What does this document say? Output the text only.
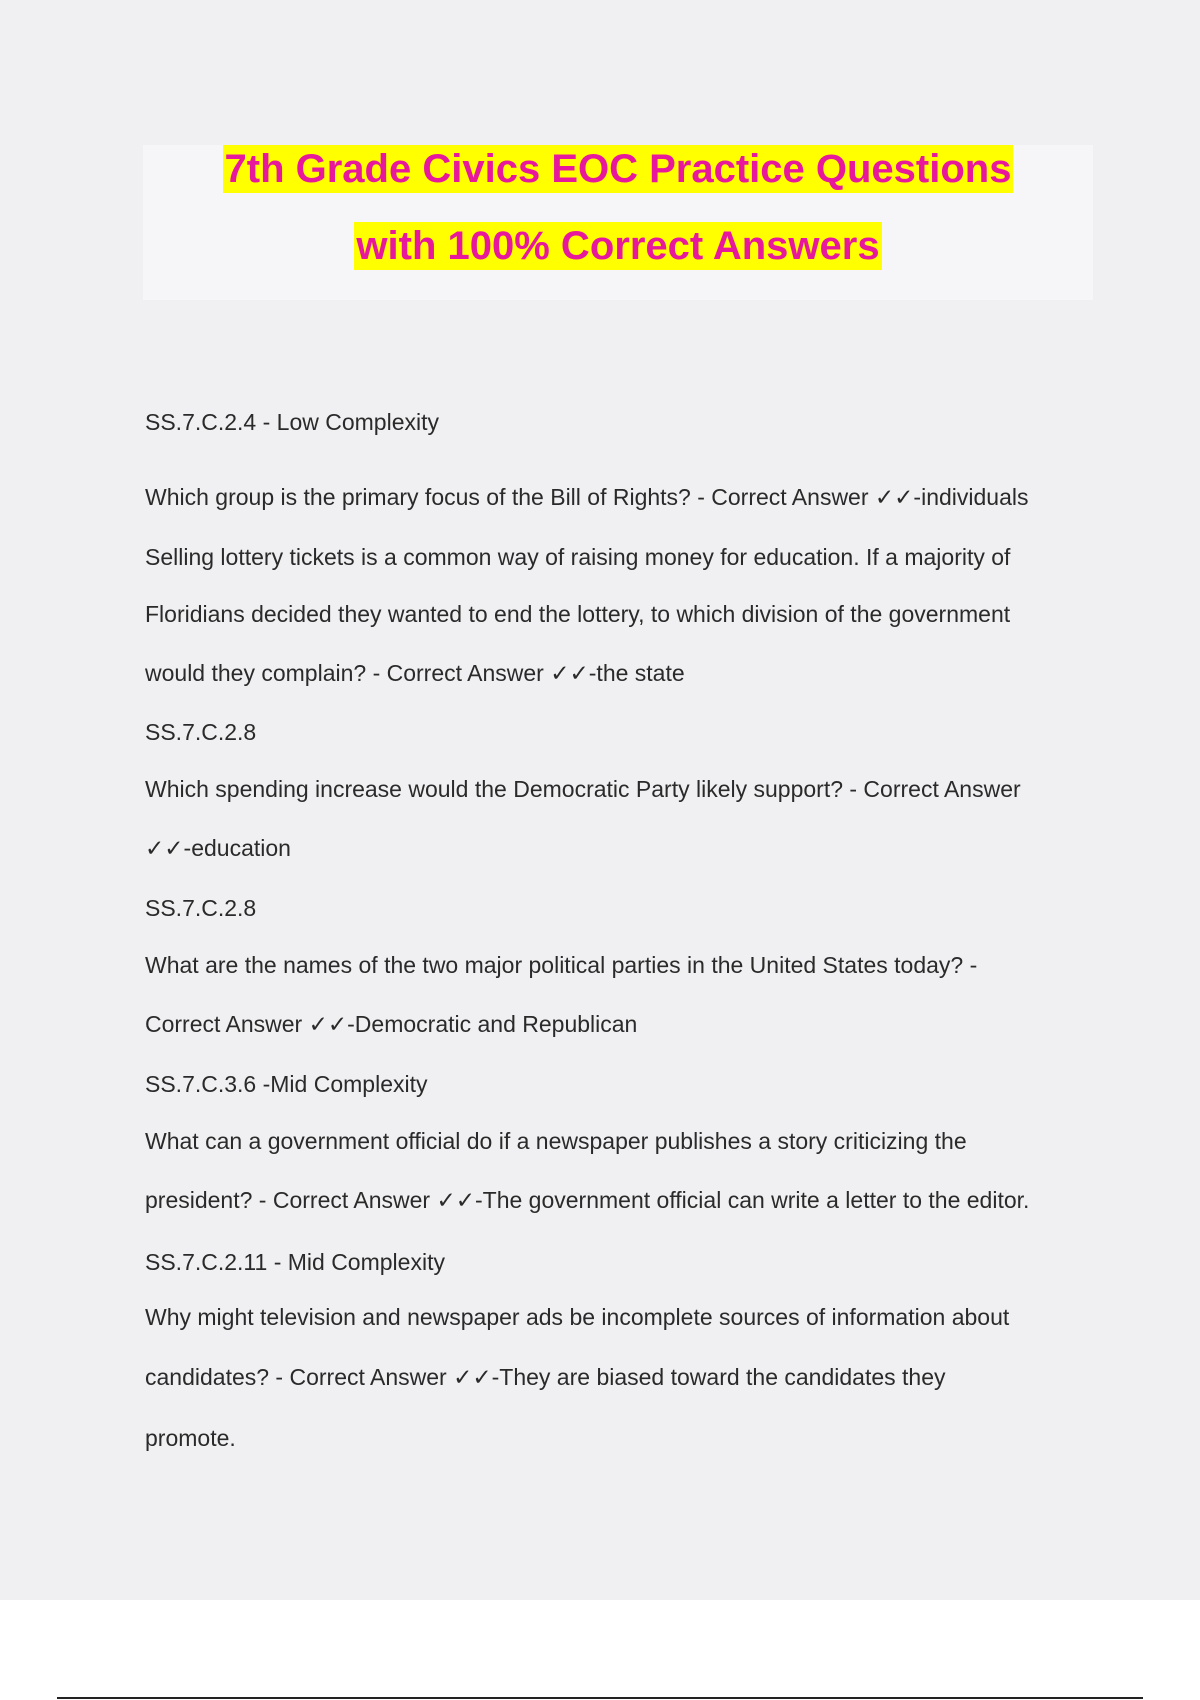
7th Grade Civics EOC Practice Questions
with 100% Correct Answers
SS.7.C.2.4 - Low Complexity
Which group is the primary focus of the Bill of Rights? - Correct Answer ✓✓-individuals
Selling lottery tickets is a common way of raising money for education. If a majority of
Floridians decided they wanted to end the lottery, to which division of the government
would they complain? - Correct Answer ✓✓-the state
SS.7.C.2.8
Which spending increase would the Democratic Party likely support? - Correct Answer
✓✓-education
SS.7.C.2.8
What are the names of the two major political parties in the United States today? -
Correct Answer ✓✓-Democratic and Republican
SS.7.C.3.6 -Mid Complexity
What can a government official do if a newspaper publishes a story criticizing the
president? - Correct Answer ✓✓-The government official can write a letter to the editor.
SS.7.C.2.11 - Mid Complexity
Why might television and newspaper ads be incomplete sources of information about
candidates? - Correct Answer ✓✓-They are biased toward the candidates they
promote.
